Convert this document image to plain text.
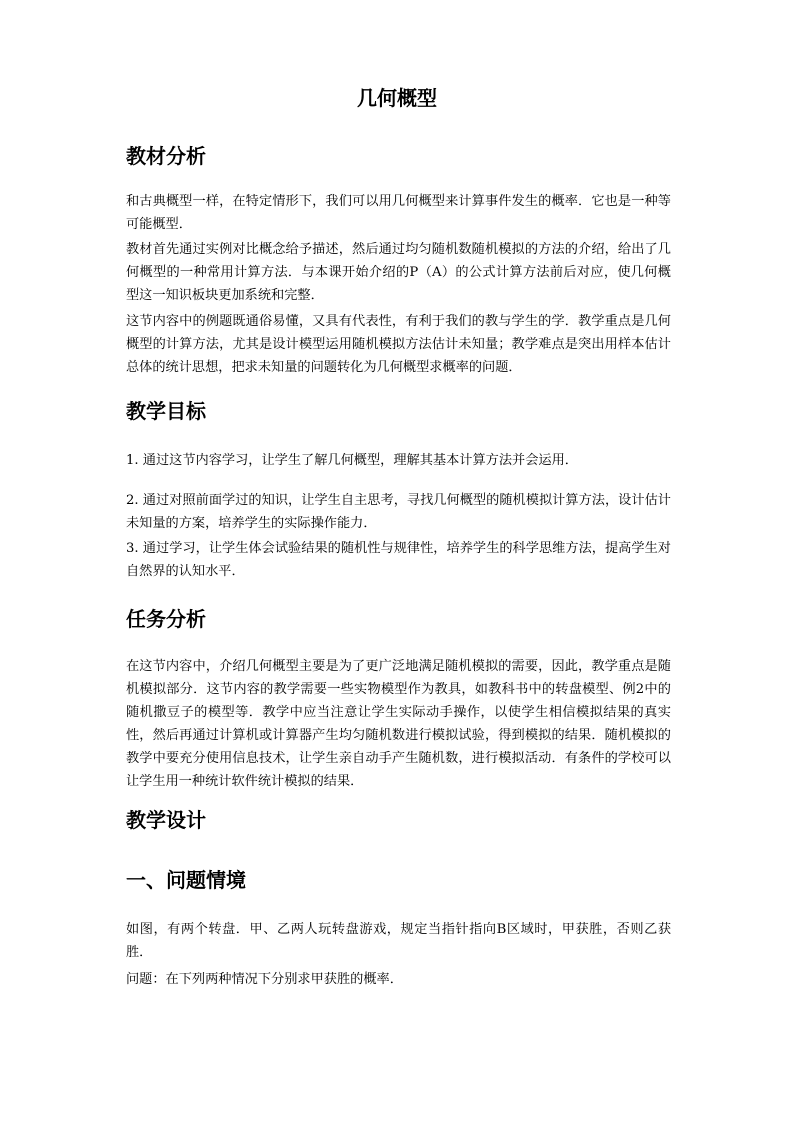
几何概型
教材分析

和古典概型一样，在特定情形下，我们可以用几何概型来计算事件发生的概率．它也是一种等可能概型．

教材首先通过实例对比概念给予描述，然后通过均匀随机数随机模拟的方法的介绍，给出了几何概型的一种常用计算方法．与本课开始介绍的P（A）的公式计算方法前后对应，使几何概型这一知识板块更加系统和完整．

这节内容中的例题既通俗易懂，又具有代表性，有利于我们的教与学生的学．教学重点是几何概型的计算方法，尤其是设计模型运用随机模拟方法估计未知量；教学难点是突出用样本估计总体的统计思想，把求未知量的问题转化为几何概型求概率的问题．

教学目标

1. 通过这节内容学习，让学生了解几何概型，理解其基本计算方法并会运用．

2. 通过对照前面学过的知识，让学生自主思考，寻找几何概型的随机模拟计算方法，设计估计未知量的方案，培养学生的实际操作能力．

3. 通过学习，让学生体会试验结果的随机性与规律性，培养学生的科学思维方法，提高学生对自然界的认知水平．

任务分析

在这节内容中，介绍几何概型主要是为了更广泛地满足随机模拟的需要，因此，教学重点是随机模拟部分．这节内容的教学需要一些实物模型作为教具，如教科书中的转盘模型、例2中的随机撒豆子的模型等．教学中应当注意让学生实际动手操作，以使学生相信模拟结果的真实性，然后再通过计算机或计算器产生均匀随机数进行模拟试验，得到模拟的结果．随机模拟的教学中要充分使用信息技术，让学生亲自动手产生随机数，进行模拟活动．有条件的学校可以让学生用一种统计软件统计模拟的结果．

教学设计
一、问题情境

如图，有两个转盘．甲、乙两人玩转盘游戏，规定当指针指向B区域时，甲获胜，否则乙获胜．

问题：在下列两种情况下分别求甲获胜的概率．
